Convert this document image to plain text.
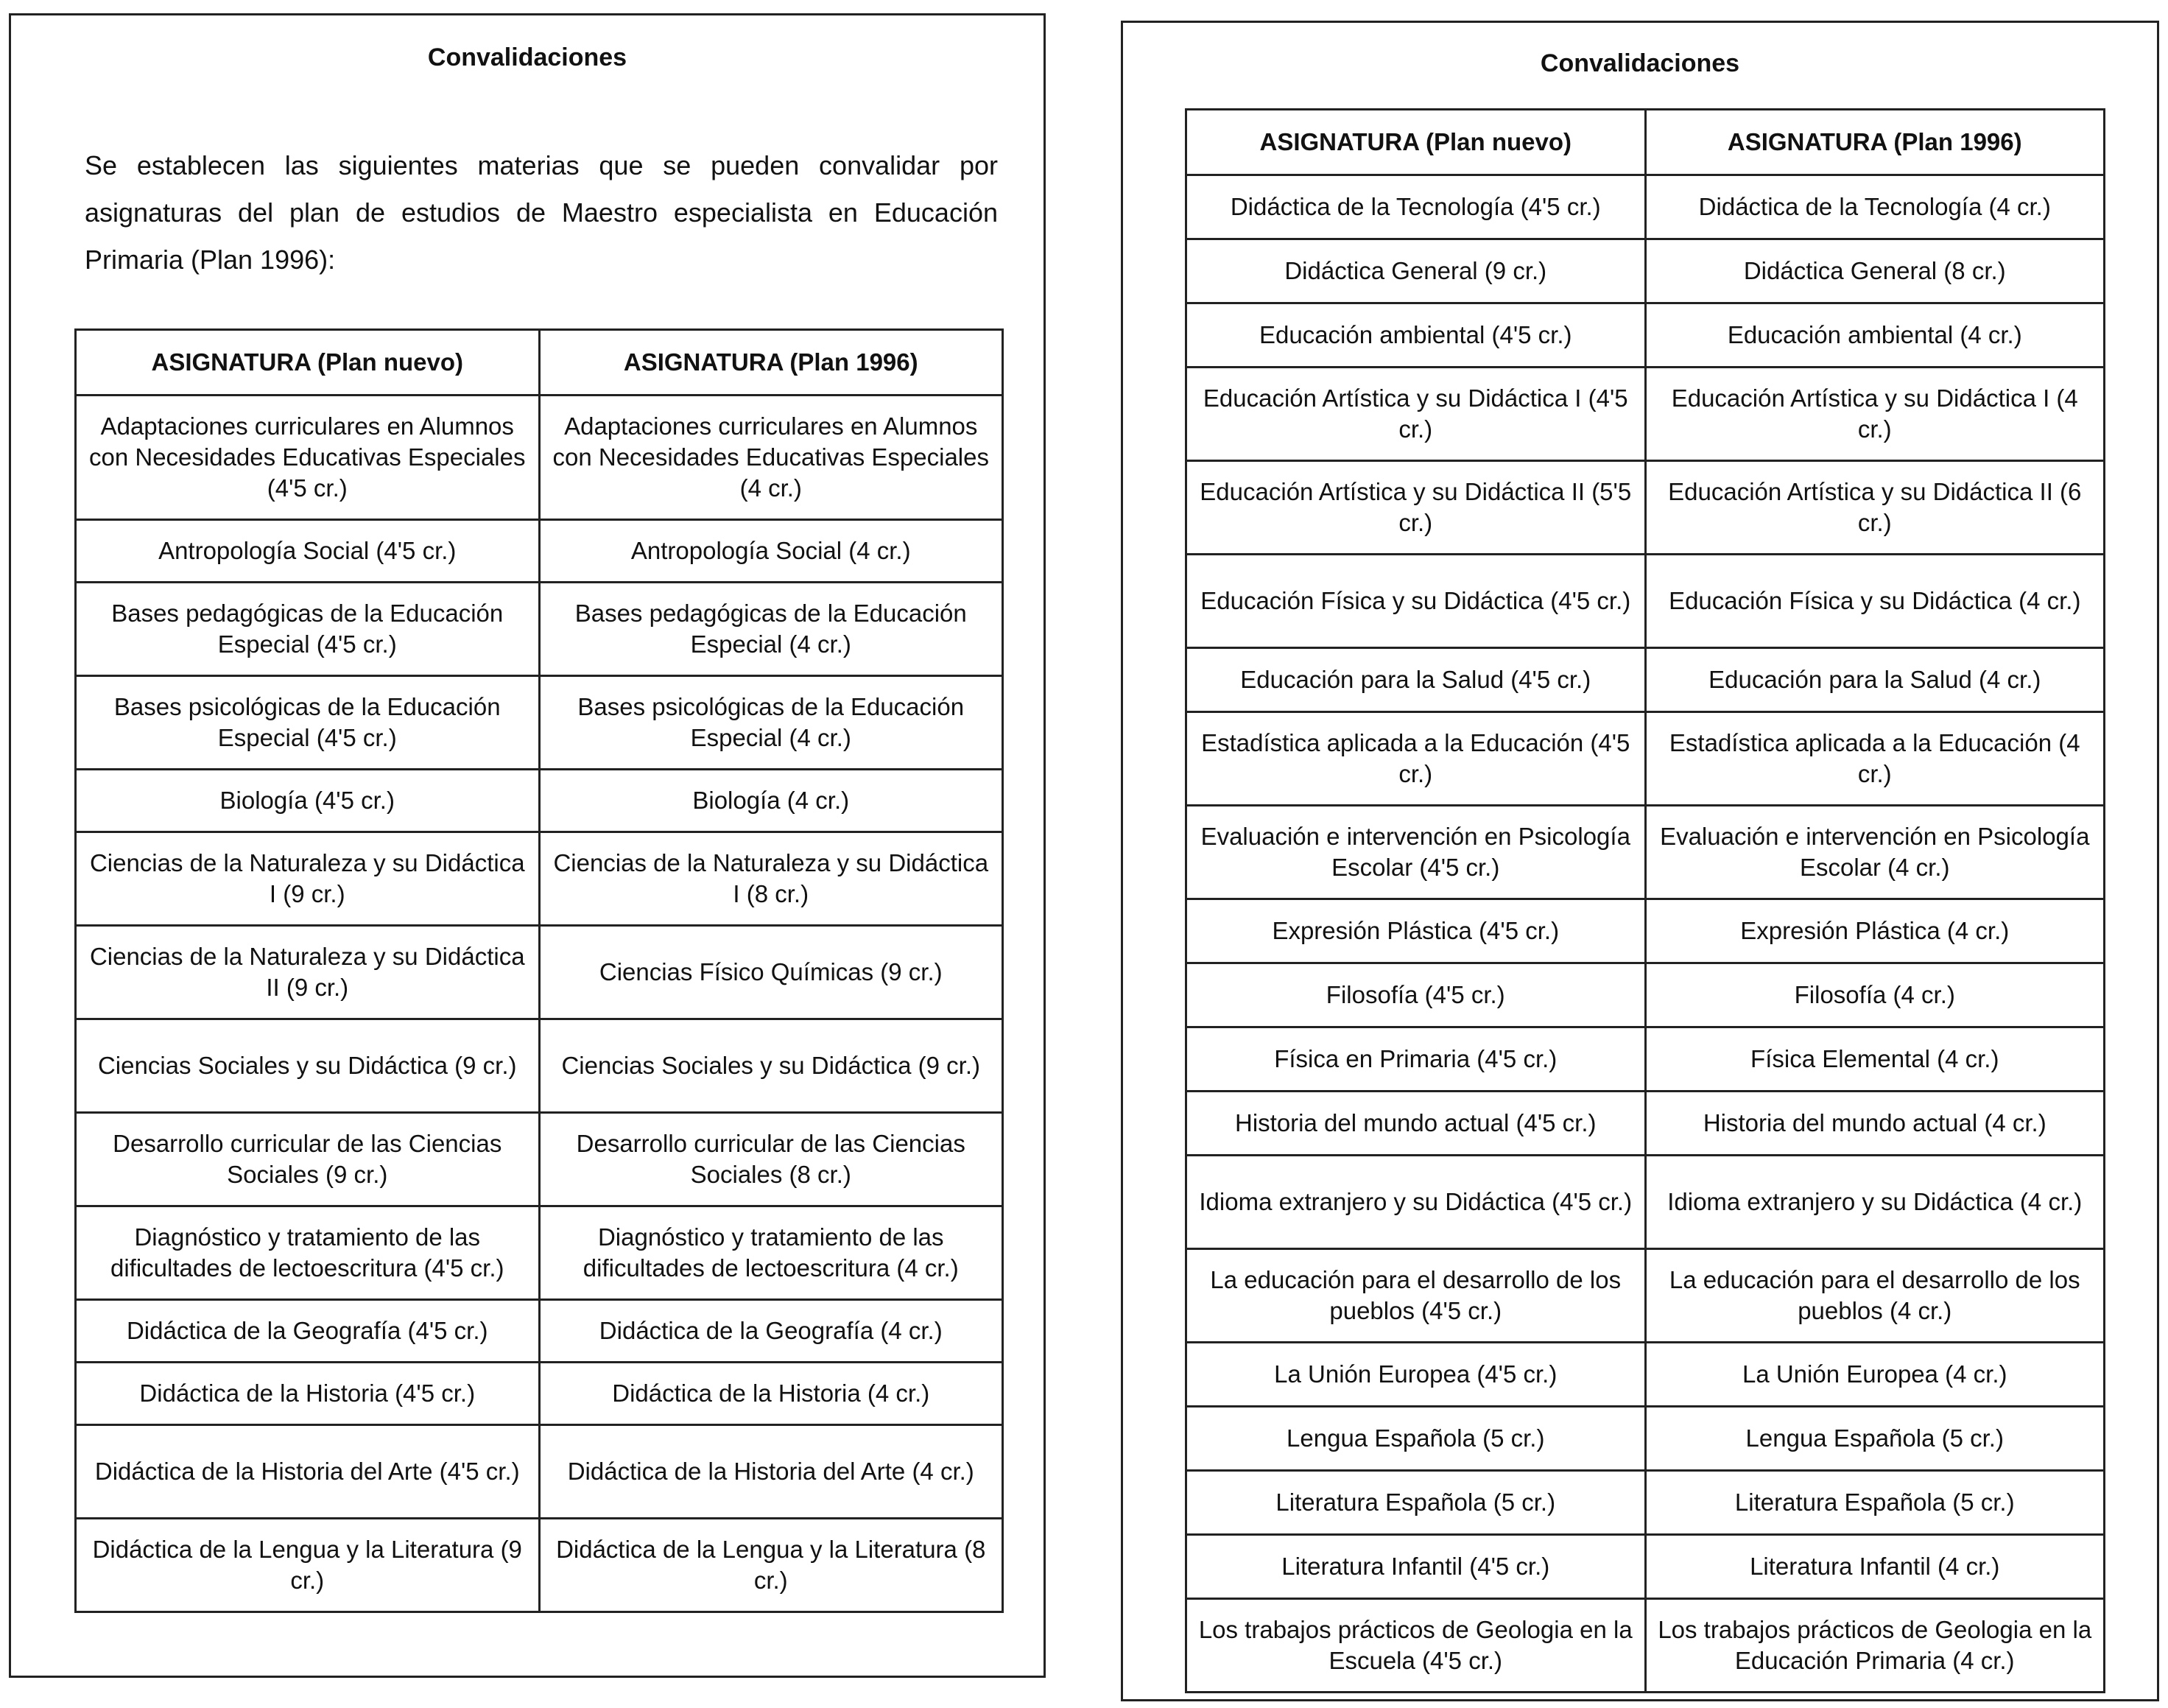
Convalidaciones
Se establecen las siguientes materias que se pueden convalidar por asignaturas del plan de estudios de Maestro especialista en Educación Primaria (Plan 1996):
ASIGNATURA (Plan nuevo)	ASIGNATURA (Plan 1996)
Adaptaciones curriculares en Alumnos con Necesidades Educativas Especiales (4'5 cr.)	Adaptaciones curriculares en Alumnos con Necesidades Educativas Especiales (4 cr.)
Antropología Social (4'5 cr.)	Antropología Social (4 cr.)
Bases pedagógicas de la Educación Especial (4'5 cr.)	Bases pedagógicas de la Educación Especial (4 cr.)
Bases psicológicas de la Educación Especial (4'5 cr.)	Bases psicológicas de la Educación Especial (4 cr.)
Biología (4'5 cr.)	Biología (4 cr.)
Ciencias de la Naturaleza y su Didáctica I (9 cr.)	Ciencias de la Naturaleza y su Didáctica I (8 cr.)
Ciencias de la Naturaleza y su Didáctica II (9 cr.)	Ciencias Físico Químicas (9 cr.)
Ciencias Sociales y su Didáctica (9 cr.)	Ciencias Sociales y su Didáctica (9 cr.)
Desarrollo curricular de las Ciencias Sociales (9 cr.)	Desarrollo curricular de las Ciencias Sociales (8 cr.)
Diagnóstico y tratamiento de las dificultades de lectoescritura (4'5 cr.)	Diagnóstico y tratamiento de las dificultades de lectoescritura (4 cr.)
Didáctica de la Geografía (4'5 cr.)	Didáctica de la Geografía (4 cr.)
Didáctica de la Historia (4'5 cr.)	Didáctica de la Historia (4 cr.)
Didáctica de la Historia del Arte (4'5 cr.)	Didáctica de la Historia del Arte (4 cr.)
Didáctica de la Lengua y la Literatura (9 cr.)	Didáctica de la Lengua y la Literatura (8 cr.)
Convalidaciones
ASIGNATURA (Plan nuevo)	ASIGNATURA (Plan 1996)
Didáctica de la Tecnología (4'5 cr.)	Didáctica de la Tecnología (4 cr.)
Didáctica General (9 cr.)	Didáctica General (8 cr.)
Educación ambiental (4'5 cr.)	Educación ambiental (4 cr.)
Educación Artística y su Didáctica I (4'5 cr.)	Educación Artística y su Didáctica I (4 cr.)
Educación Artística y su Didáctica II (5'5 cr.)	Educación Artística y su Didáctica II (6 cr.)
Educación Física y su Didáctica (4'5 cr.)	Educación Física y su Didáctica (4 cr.)
Educación para la Salud (4'5 cr.)	Educación para la Salud (4 cr.)
Estadística aplicada a la Educación (4'5 cr.)	Estadística aplicada a la Educación (4 cr.)
Evaluación e intervención en Psicología Escolar (4'5 cr.)	Evaluación e intervención en Psicología Escolar (4 cr.)
Expresión Plástica (4'5 cr.)	Expresión Plástica (4 cr.)
Filosofía (4'5 cr.)	Filosofía (4 cr.)
Física en Primaria (4'5 cr.)	Física Elemental (4 cr.)
Historia del mundo actual (4'5 cr.)	Historia del mundo actual (4 cr.)
Idioma extranjero y su Didáctica (4'5 cr.)	Idioma extranjero y su Didáctica (4 cr.)
La educación para el desarrollo de los pueblos (4'5 cr.)	La educación para el desarrollo de los pueblos (4 cr.)
La Unión Europea (4'5 cr.)	La Unión Europea (4 cr.)
Lengua Española (5 cr.)	Lengua Española (5 cr.)
Literatura Española (5 cr.)	Literatura Española (5 cr.)
Literatura Infantil (4'5 cr.)	Literatura Infantil (4 cr.)
Los trabajos prácticos de Geologia en la Escuela (4'5 cr.)	Los trabajos prácticos de Geologia en la Educación Primaria (4 cr.)
